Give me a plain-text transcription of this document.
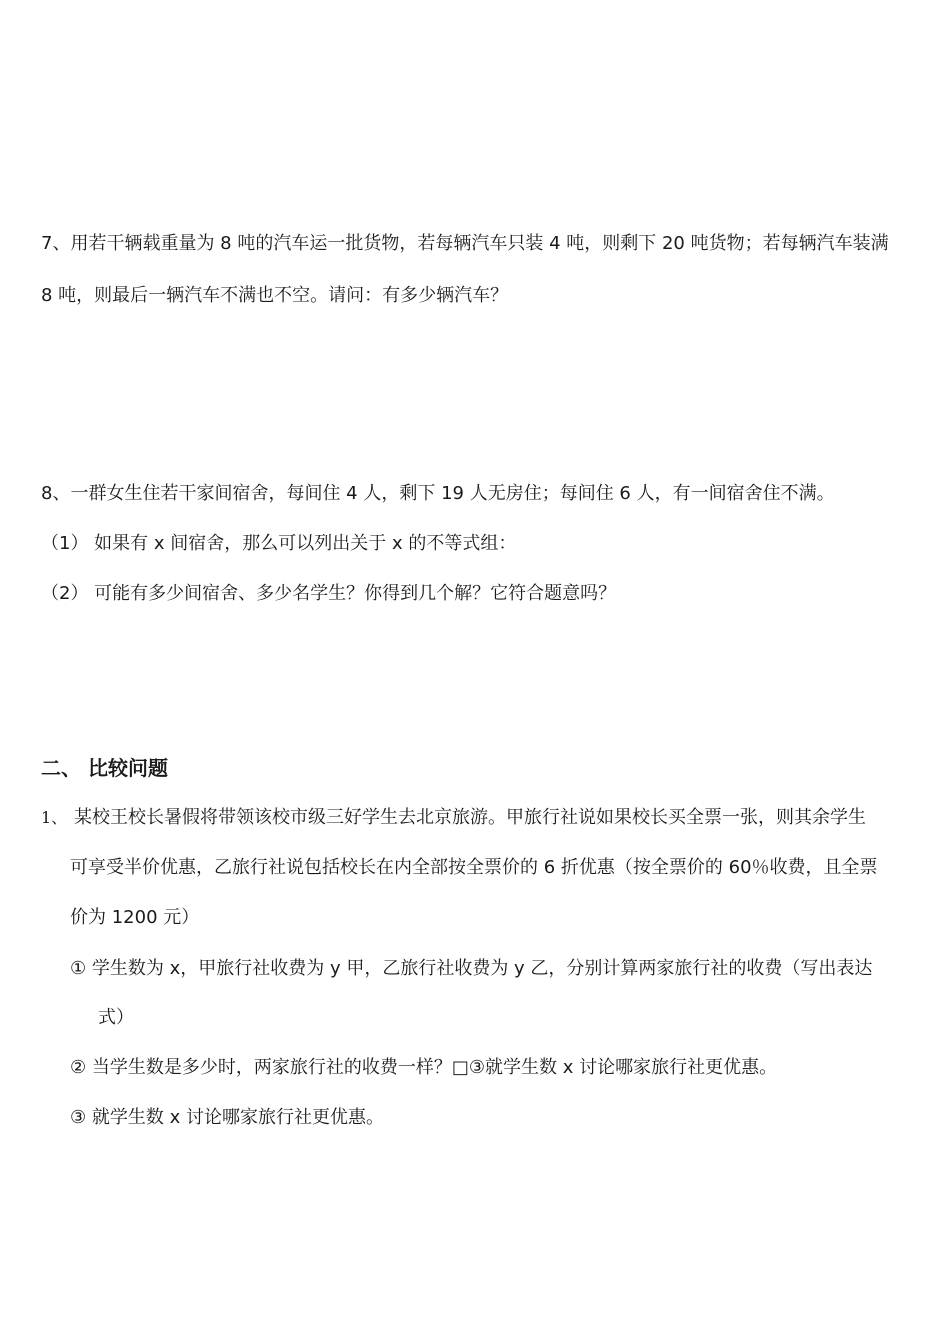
7、用若干辆载重量为 8 吨的汽车运一批货物，若每辆汽车只装 4 吨，则剩下 20 吨货物；若每辆汽车装满

8 吨，则最后一辆汽车不满也不空。请问：有多少辆汽车？

8、一群女生住若干家间宿舍，每间住 4 人，剩下 19 人无房住；每间住 6 人，有一间宿舍住不满。

（1） 如果有 x 间宿舍，那么可以列出关于 x 的不等式组：

（2） 可能有多少间宿舍、多少名学生？你得到几个解？它符合题意吗？

二、 比较问题

1、 某校王校长暑假将带领该校市级三好学生去北京旅游。甲旅行社说如果校长买全票一张，则其余学生

可享受半价优惠，乙旅行社说包括校长在内全部按全票价的 6 折优惠（按全票价的 60％收费，且全票

价为 1200 元）

① 学生数为 x，甲旅行社收费为 y 甲，乙旅行社收费为 y 乙，分别计算两家旅行社的收费（写出表达

式）

② 当学生数是多少时，两家旅行社的收费一样？□③就学生数 x 讨论哪家旅行社更优惠。

③ 就学生数 x 讨论哪家旅行社更优惠。
